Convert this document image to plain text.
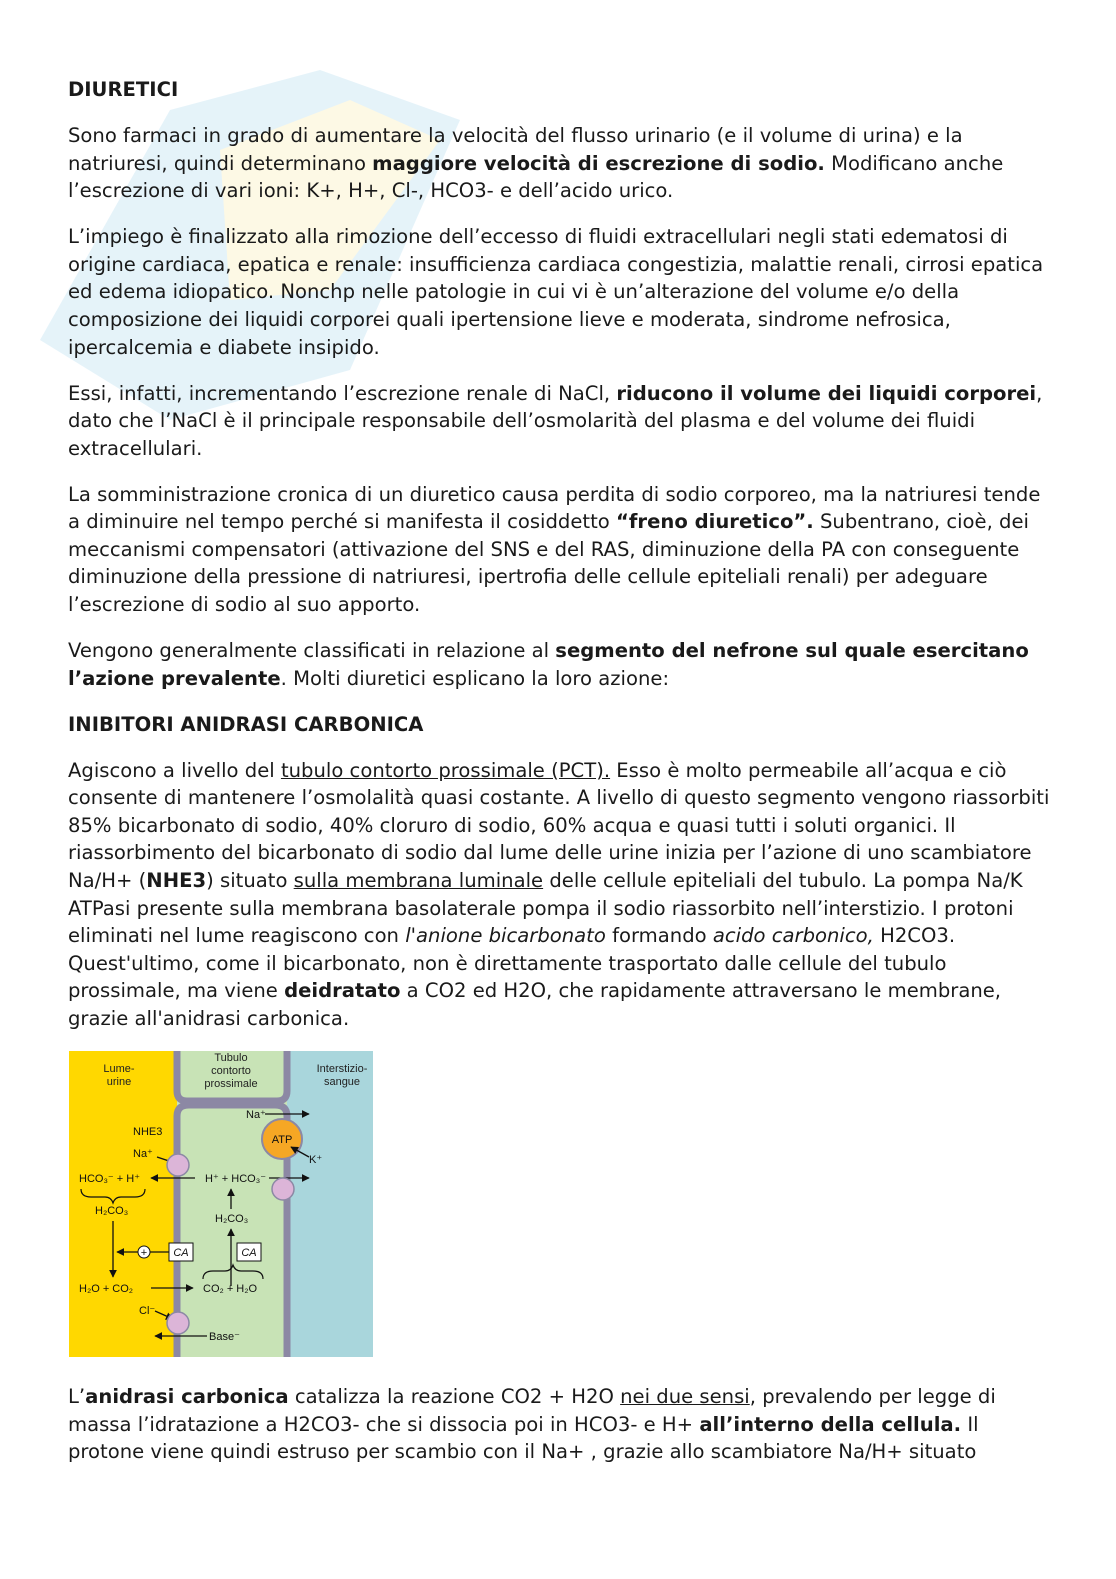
DIURETICI

Sono farmaci in grado di aumentare la velocità del flusso urinario (e il volume di urina) e la natriuresi, quindi determinano maggiore velocità di escrezione di sodio. Modificano anche l’escrezione di vari ioni: K+, H+, Cl-, HCO3- e dell’acido urico.

L’impiego è finalizzato alla rimozione dell’eccesso di fluidi extracellulari negli stati edematosi di origine cardiaca, epatica e renale: insufficienza cardiaca congestizia, malattie renali, cirrosi epatica ed edema idiopatico. Nonchp nelle patologie in cui vi è un’alterazione del volume e/o della composizione dei liquidi corporei quali ipertensione lieve e moderata, sindrome nefrosica, ipercalcemia e diabete insipido.

Essi, infatti, incrementando l’escrezione renale di NaCl, riducono il volume dei liquidi corporei, dato che l’NaCl è il principale responsabile dell’osmolarità del plasma e del volume dei fluidi extracellulari.

La somministrazione cronica di un diuretico causa perdita di sodio corporeo, ma la natriuresi tende a diminuire nel tempo perché si manifesta il cosiddetto “freno diuretico”. Subentrano, cioè, dei meccanismi compensatori (attivazione del SNS e del RAS, diminuzione della PA con conseguente diminuzione della pressione di natriuresi, ipertrofia delle cellule epiteliali renali) per adeguare l’escrezione di sodio al suo apporto.

Vengono generalmente classificati in relazione al segmento del nefrone sul quale esercitano l’azione prevalente. Molti diuretici esplicano la loro azione:

INIBITORI ANIDRASI CARBONICA

Agiscono a livello del tubulo contorto prossimale (PCT). Esso è molto permeabile all’acqua e ciò consente di mantenere l’osmolalità quasi costante. A livello di questo segmento vengono riassorbiti 85% bicarbonato di sodio, 40% cloruro di sodio, 60% acqua e quasi tutti i soluti organici. Il riassorbimento del bicarbonato di sodio dal lume delle urine inizia per l’azione di uno scambiatore Na/H+ (NHE3) situato sulla membrana luminale delle cellule epiteliali del tubulo. La pompa Na/K ATPasi presente sulla membrana basolaterale pompa il sodio riassorbito nell’interstizio. I protoni eliminati nel lume reagiscono con l'anione bicarbonato formando acido carbonico, H2CO3. Quest'ultimo, come il bicarbonato, non è direttamente trasportato dalle cellule del tubulo prossimale, ma viene deidratato a CO2 ed H2O, che rapidamente attraversano le membrane, grazie all'anidrasi carbonica.

Lume-
urine
Tubulo
contorto
prossimale
Interstizio-
sangue
Na⁺
ATP
K⁺
NHE3
Na⁺
HCO₃⁻ + H⁺	H⁺ + HCO₃⁻
H₂CO₃
+ CA
H₂CO₃
CA
H₂O + CO₂	CO₂ + H₂O
Cl⁻
Base⁻

L’anidrasi carbonica catalizza la reazione CO2 + H2O nei due sensi, prevalendo per legge di massa l’idratazione a H2CO3- che si dissocia poi in HCO3- e H+ all’interno della cellula. Il protone viene quindi estruso per scambio con il Na+ , grazie allo scambiatore Na/H+ situato
